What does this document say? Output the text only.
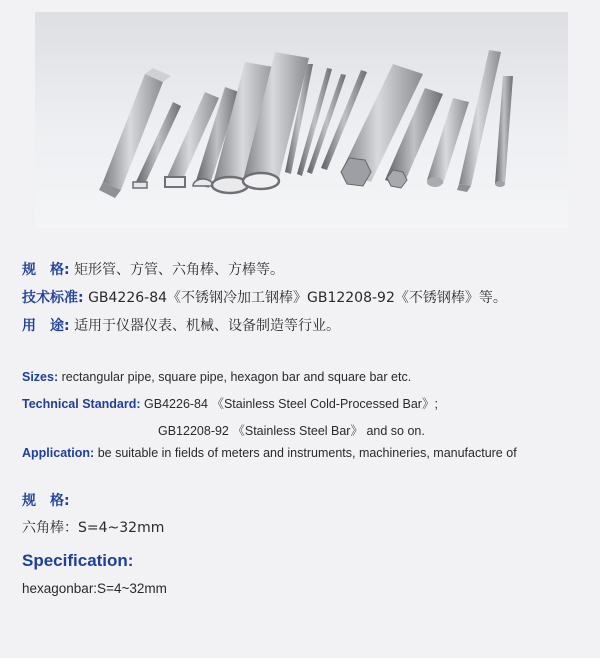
规　格: 矩形管、方管、六角棒、方棒等。
技术标准: GB4226-84《不锈钢冷加工钢棒》GB12208-92《不锈钢棒》等。
用　途: 适用于仪器仪表、机械、设备制造等行业。
Sizes: rectangular pipe, square pipe, hexagon bar and square bar etc.
Technical Standard: GB4226-84 《Stainless Steel Cold-Processed Bar》;
GB12208-92 《Stainless Steel Bar》 and so on.
Application: be suitable in fields of meters and instruments, machineries, manufacture of
规　格:
六角棒：S=4~32mm
Specification:
hexagonbar:S=4~32mm
